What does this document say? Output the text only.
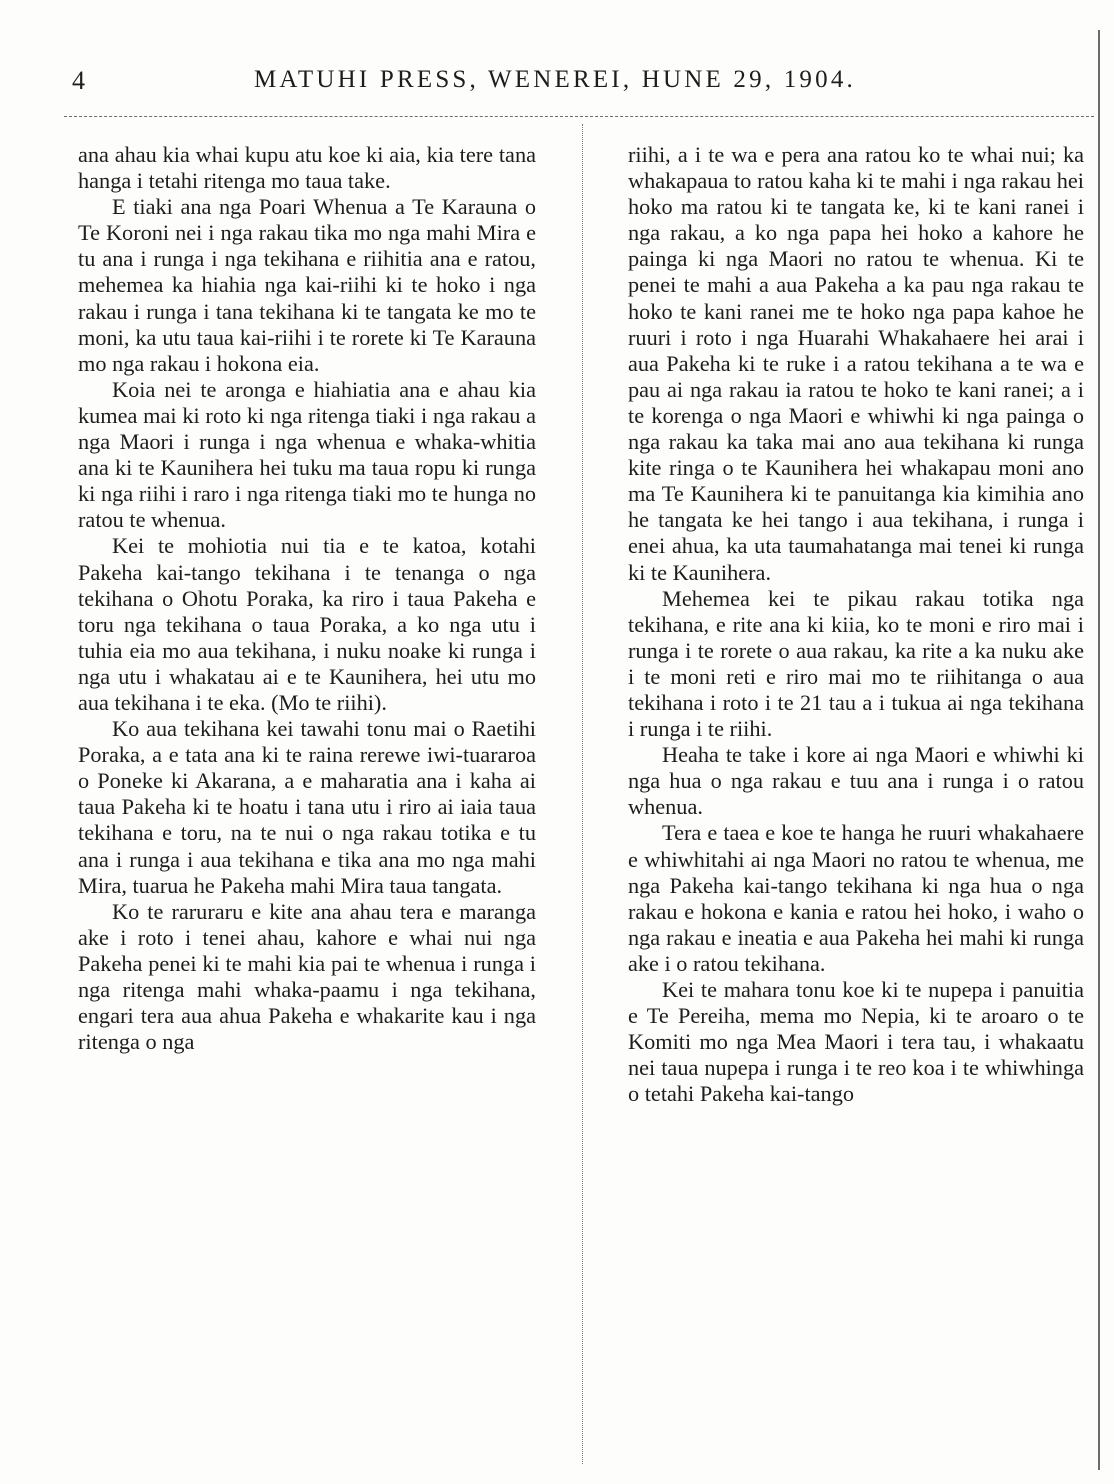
4	MATUHI PRESS, WENEREI, HUNE 29, 1904.

ana ahau kia whai kupu atu koe ki aia, kia tere tana hanga i tetahi ritenga mo taua take.

E tiaki ana nga Poari Whenua a Te Karauna o Te Koroni nei i nga rakau tika mo nga mahi Mira e tu ana i runga i nga tekihana e riihitia ana e ratou, mehemea ka hiahia nga kai-riihi ki te hoko i nga rakau i runga i tana tekihana ki te tangata ke mo te moni, ka utu taua kai-riihi i te rorete ki Te Karauna mo nga rakau i hokona eia.

Koia nei te aronga e hiahiatia ana e ahau kia kumea mai ki roto ki nga ritenga tiaki i nga rakau a nga Maori i runga i nga whenua e whaka-whitia ana ki te Kaunihera hei tuku ma taua ropu ki runga ki nga riihi i raro i nga ritenga tiaki mo te hunga no ratou te whenua.

Kei te mohiotia nui tia e te katoa, kotahi Pakeha kai-tango tekihana i te tenanga o nga tekihana o Ohotu Poraka, ka riro i taua Pakeha e toru nga tekihana o taua Poraka, a ko nga utu i tuhia eia mo aua tekihana, i nuku noake ki runga i nga utu i whakatau ai e te Kaunihera, hei utu mo aua tekihana i te eka. (Mo te riihi).

Ko aua tekihana kei tawahi tonu mai o Raetihi Poraka, a e tata ana ki te raina rerewe iwi-tuararoa o Poneke ki Akarana, a e maharatia ana i kaha ai taua Pakeha ki te hoatu i tana utu i riro ai iaia taua tekihana e toru, na te nui o nga rakau totika e tu ana i runga i aua tekihana e tika ana mo nga mahi Mira, tuarua he Pakeha mahi Mira taua tangata.

Ko te raruraru e kite ana ahau tera e maranga ake i roto i tenei ahau, kahore e whai nui nga Pakeha penei ki te mahi kia pai te whenua i runga i nga ritenga mahi whaka-paamu i nga tekihana, engari tera aua ahua Pakeha e whakarite kau i nga ritenga o nga

riihi, a i te wa e pera ana ratou ko te whai nui; ka whakapaua to ratou kaha ki te mahi i nga rakau hei hoko ma ratou ki te tangata ke, ki te kani ranei i nga rakau, a ko nga papa hei hoko a kahore he painga ki nga Maori no ratou te whenua. Ki te penei te mahi a aua Pakeha a ka pau nga rakau te hoko te kani ranei me te hoko nga papa kahoe he ruuri i roto i nga Huarahi Whakahaere hei arai i aua Pakeha ki te ruke i a ratou tekihana a te wa e pau ai nga rakau ia ratou te hoko te kani ranei; a i te korenga o nga Maori e whiwhi ki nga painga o nga rakau ka taka mai ano aua tekihana ki runga kite ringa o te Kaunihera hei whakapau moni ano ma Te Kaunihera ki te panuitanga kia kimihia ano he tangata ke hei tango i aua tekihana, i runga i enei ahua, ka uta taumahatanga mai tenei ki runga ki te Kaunihera.

Mehemea kei te pikau rakau totika nga tekihana, e rite ana ki kiia, ko te moni e riro mai i runga i te rorete o aua rakau, ka rite a ka nuku ake i te moni reti e riro mai mo te riihitanga o aua tekihana i roto i te 21 tau a i tukua ai nga tekihana i runga i te riihi.

Heaha te take i kore ai nga Maori e whiwhi ki nga hua o nga rakau e tuu ana i runga i o ratou whenua.

Tera e taea e koe te hanga he ruuri whakahaere e whiwhitahi ai nga Maori no ratou te whenua, me nga Pakeha kai-tango tekihana ki nga hua o nga rakau e hokona e kania e ratou hei hoko, i waho o nga rakau e ineatia e aua Pakeha hei mahi ki runga ake i o ratou tekihana.

Kei te mahara tonu koe ki te nupepa i panuitia e Te Pereiha, mema mo Nepia, ki te aroaro o te Komiti mo nga Mea Maori i tera tau, i whakaatu nei taua nupepa i runga i te reo koa i te whiwhinga o tetahi Pakeha kai-tango
